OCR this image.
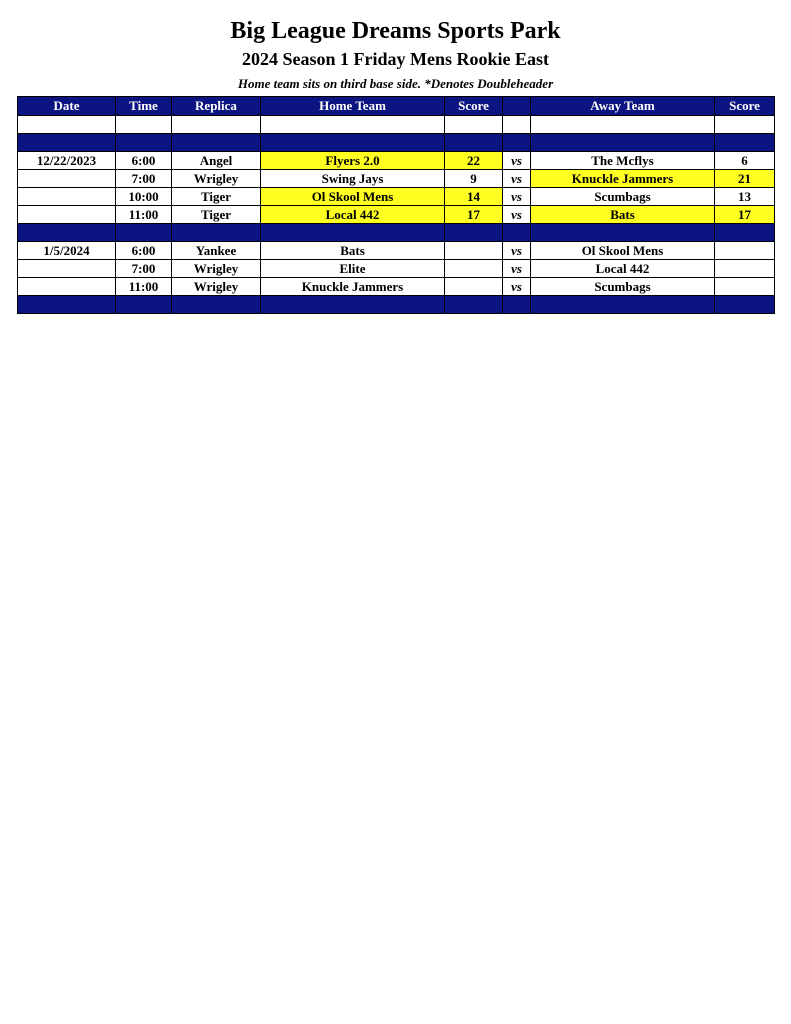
Big League Dreams Sports Park
2024 Season 1 Friday Mens Rookie East
Home team sits on third base side. *Denotes Doubleheader
Date	Time	Replica	Home Team	Score		Away Team	Score

12/22/2023	6:00	Angel	Flyers 2.0	22	vs	The Mcflys	6
	7:00	Wrigley	Swing Jays	9	vs	Knuckle Jammers	21
	10:00	Tiger	Ol Skool Mens	14	vs	Scumbags	13
	11:00	Tiger	Local 442	17	vs	Bats	17

1/5/2024	6:00	Yankee	Bats		vs	Ol Skool Mens	
	7:00	Wrigley	Elite		vs	Local 442	
	11:00	Wrigley	Knuckle Jammers		vs	Scumbags	
